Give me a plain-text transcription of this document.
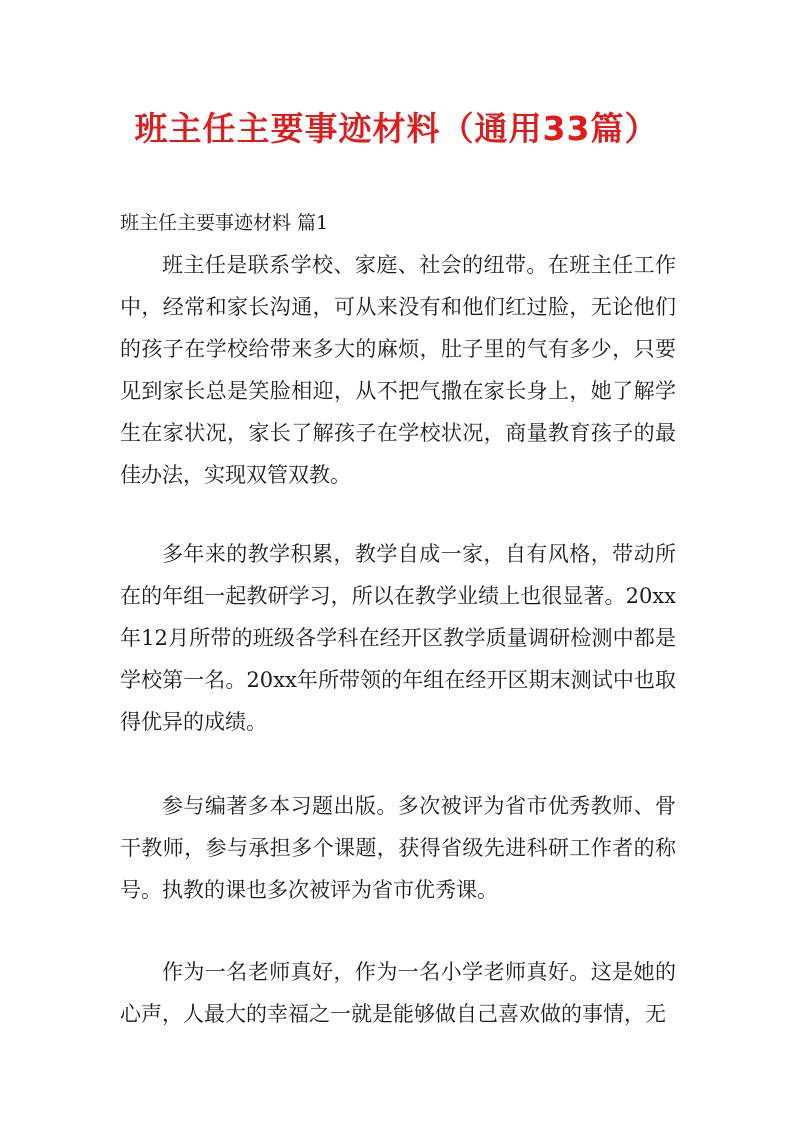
班主任主要事迹材料（通用33篇）

班主任主要事迹材料 篇1

班主任是联系学校、家庭、社会的纽带。在班主任工作中，经常和家长沟通，可从来没有和他们红过脸，无论他们的孩子在学校给带来多大的麻烦，肚子里的气有多少，只要见到家长总是笑脸相迎，从不把气撒在家长身上，她了解学生在家状况，家长了解孩子在学校状况，商量教育孩子的最佳办法，实现双管双教。

多年来的教学积累，教学自成一家，自有风格，带动所在的年组一起教研学习，所以在教学业绩上也很显著。20xx年12月所带的班级各学科在经开区教学质量调研检测中都是学校第一名。20xx年所带领的年组在经开区期末测试中也取得优异的成绩。

参与编著多本习题出版。多次被评为省市优秀教师、骨干教师，参与承担多个课题，获得省级先进科研工作者的称号。执教的课也多次被评为省市优秀课。

作为一名老师真好，作为一名小学老师真好。这是她的心声，人最大的幸福之一就是能够做自己喜欢做的事情，无
